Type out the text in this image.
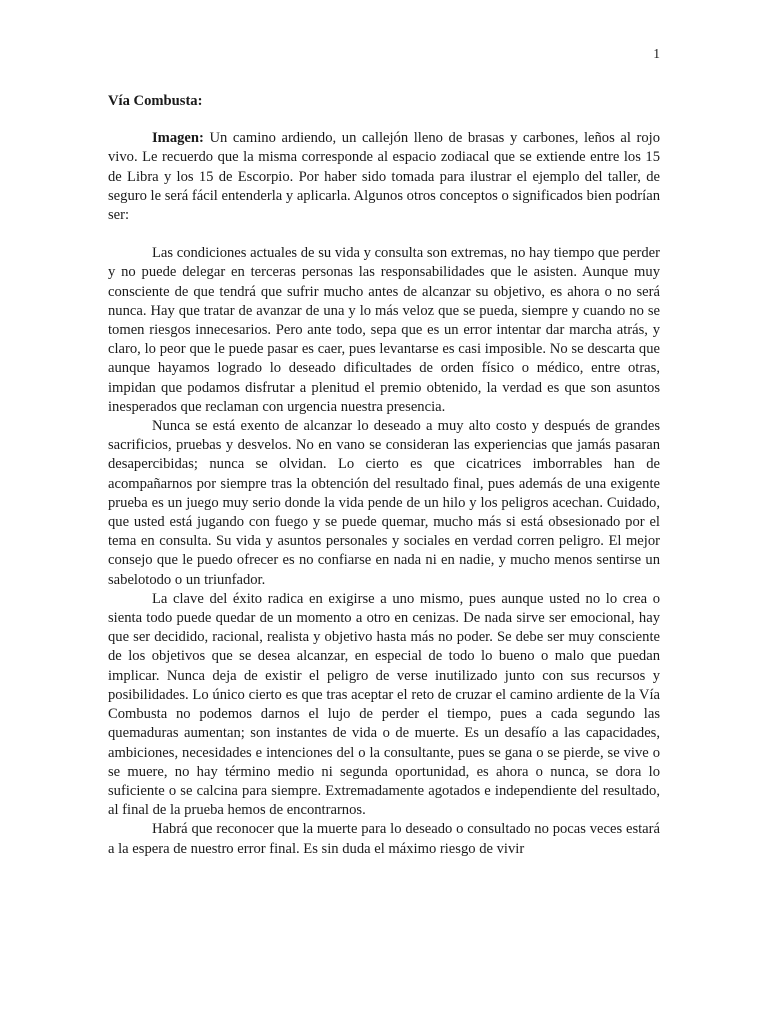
1
Vía Combusta:

Imagen: Un camino ardiendo, un callejón lleno de brasas y carbones, leños al rojo vivo. Le recuerdo que la misma corresponde al espacio zodiacal que se extiende entre los 15 de Libra y los 15 de Escorpio. Por haber sido tomada para ilustrar el ejemplo del taller, de seguro le será fácil entenderla y aplicarla. Algunos otros conceptos o significados bien podrían ser:

Las condiciones actuales de su vida y consulta son extremas, no hay tiempo que perder y no puede delegar en terceras personas las responsabilidades que le asisten. Aunque muy consciente de que tendrá que sufrir mucho antes de alcanzar su objetivo, es ahora o no será nunca. Hay que tratar de avanzar de una y lo más veloz que se pueda, siempre y cuando no se tomen riesgos innecesarios. Pero ante todo, sepa que es un error intentar dar marcha atrás, y claro, lo peor que le puede pasar es caer, pues levantarse es casi imposible. No se descarta que aunque hayamos logrado lo deseado dificultades de orden físico o médico, entre otras, impidan que podamos disfrutar a plenitud el premio obtenido, la verdad es que son asuntos inesperados que reclaman con urgencia nuestra presencia.

Nunca se está exento de alcanzar lo deseado a muy alto costo y después de grandes sacrificios, pruebas y desvelos. No en vano se consideran las experiencias que jamás pasaran desapercibidas; nunca se olvidan. Lo cierto es que cicatrices imborrables han de acompañarnos por siempre tras la obtención del resultado final, pues además de una exigente prueba es un juego muy serio donde la vida pende de un hilo y los peligros acechan. Cuidado, que usted está jugando con fuego y se puede quemar, mucho más si está obsesionado por el tema en consulta. Su vida y asuntos personales y sociales en verdad corren peligro. El mejor consejo que le puedo ofrecer es no confiarse en nada ni en nadie, y mucho menos sentirse un sabelotodo o un triunfador.

La clave del éxito radica en exigirse a uno mismo, pues aunque usted no lo crea o sienta todo puede quedar de un momento a otro en cenizas. De nada sirve ser emocional, hay que ser decidido, racional, realista y objetivo hasta más no poder. Se debe ser muy consciente de los objetivos que se desea alcanzar, en especial de todo lo bueno o malo que puedan implicar. Nunca deja de existir el peligro de verse inutilizado junto con sus recursos y posibilidades. Lo único cierto es que tras aceptar el reto de cruzar el camino ardiente de la Vía Combusta no podemos darnos el lujo de perder el tiempo, pues a cada segundo las quemaduras aumentan; son instantes de vida o de muerte. Es un desafío a las capacidades, ambiciones, necesidades e intenciones del o la consultante, pues se gana o se pierde, se vive o se muere, no hay término medio ni segunda oportunidad, es ahora o nunca, se dora lo suficiente o se calcina para siempre. Extremadamente agotados e independiente del resultado, al final de la prueba hemos de encontrarnos.

Habrá que reconocer que la muerte para lo deseado o consultado no pocas veces estará a la espera de nuestro error final. Es sin duda el máximo riesgo de vivir
